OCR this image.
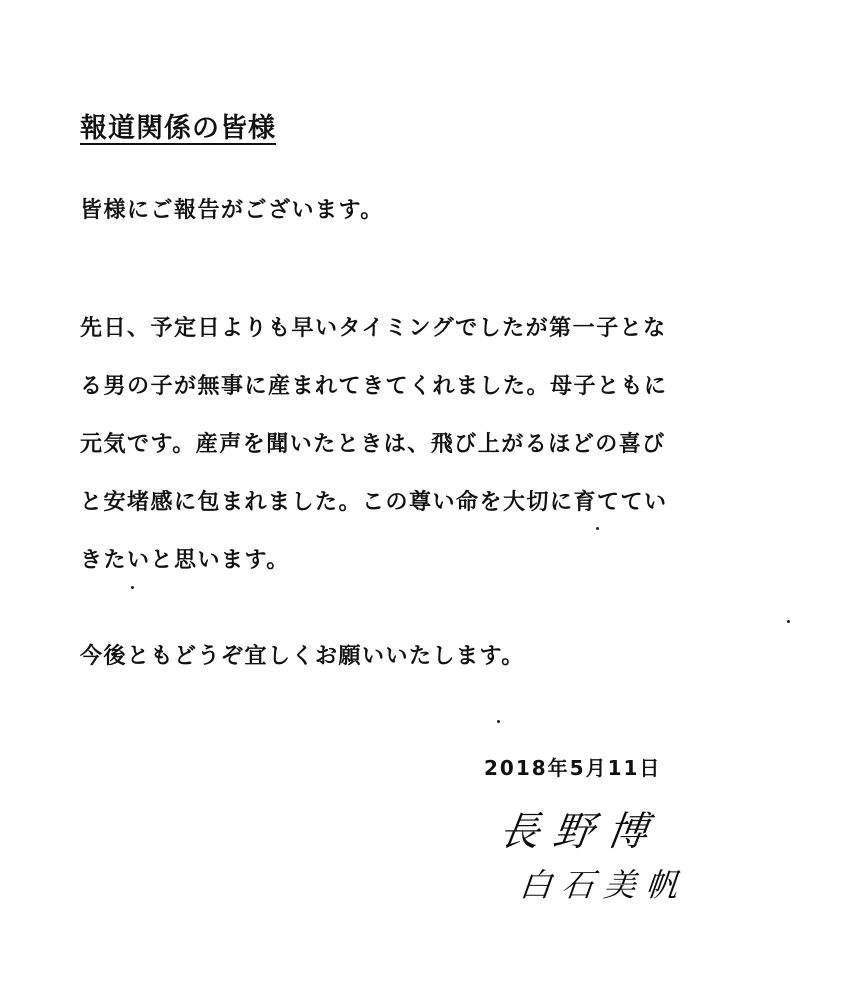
報道関係の皆様
皆様にご報告がございます。
先日、予定日よりも早いタイミングでしたが第一子とな
る男の子が無事に産まれてきてくれました。母子ともに
元気です。産声を聞いたときは、飛び上がるほどの喜び
と安堵感に包まれました。この尊い命を大切に育ててい
きたいと思います。
今後ともどうぞ宜しくお願いいたします。
2018年5月11日
長野博
白石美帆
